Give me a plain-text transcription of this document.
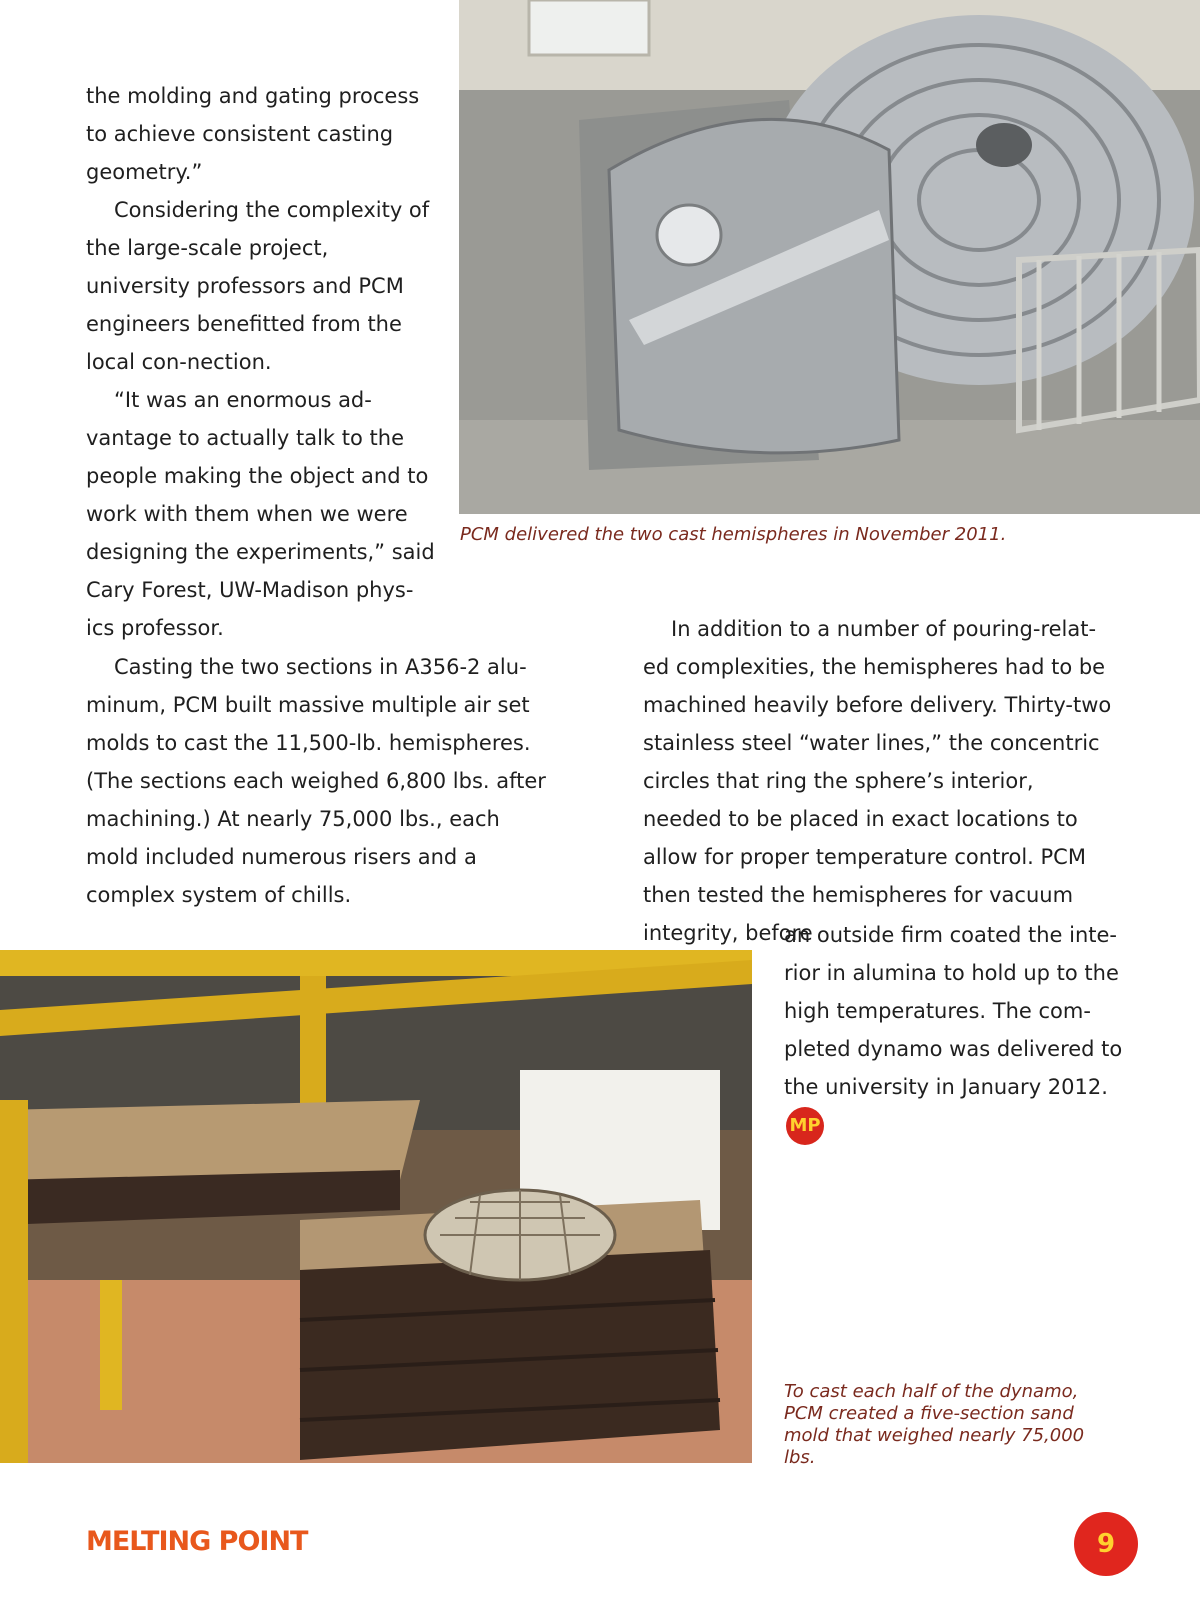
the molding and gating process to achieve consistent casting geometry.”

Considering the complexity of the large-scale project, university professors and PCM engineers benefitted from the local con-nection.

“It was an enormous ad-vantage to actually talk to the people making the object and to work with them when we were designing the experiments,” said Cary Forest, UW-Madison phys-ics professor.

Casting the two sections in A356-2 alu-minum, PCM built massive multiple air set molds to cast the 11,500-lb. hemispheres. (The sections each weighed 6,800 lbs. after machining.) At nearly 75,000 lbs., each mold included numerous risers and a complex system of chills.

In addition to a number of pouring-relat-ed complexities, the hemispheres had to be machined heavily before delivery. Thirty-two stainless steel “water lines,” the concentric circles that ring the sphere’s interior, needed to be placed in exact locations to allow for proper temperature control. PCM then tested the hemispheres for vacuum integrity, before

an outside firm coated the inte-rior in alumina to hold up to the high temperatures. The com-pleted dynamo was delivered to the university in January 2012.MP

PCM delivered the two cast hemispheres in November 2011.
To cast each half of the dynamo, PCM created a five-section sand mold that weighed nearly 75,000 lbs.
MELTING POINT	9
